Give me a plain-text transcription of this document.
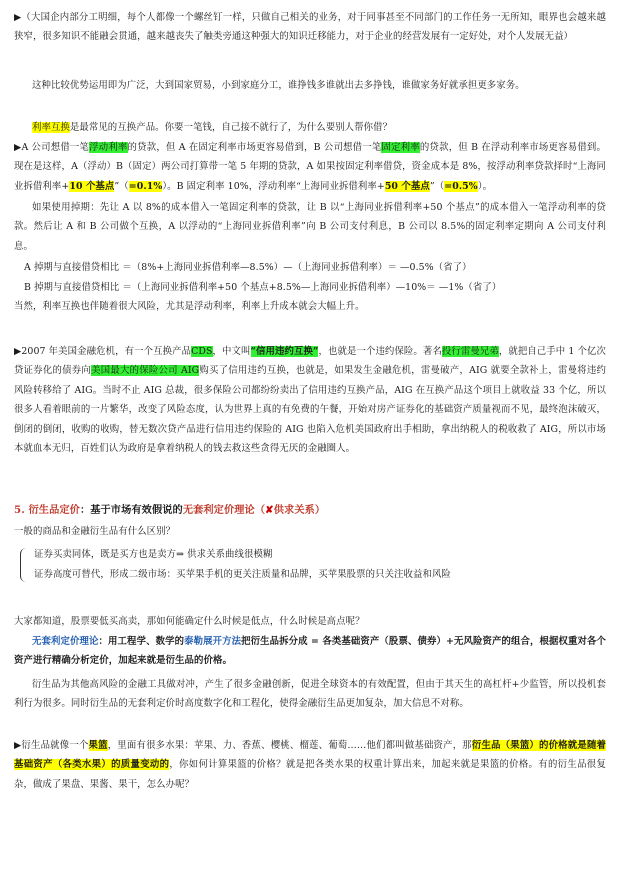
▶（大国企内部分工明细，每个人都像一个螺丝钉一样，只做自己相关的业务，对于同事甚至不同部门的工作任务一无所知，眼界也会越来越狭窄，很多知识不能融会贯通，越来越丧失了触类旁通这种强大的知识迁移能力，对于企业的经营发展有一定好处，对个人发展无益）
这种比较优势运用即为广泛，大到国家贸易，小到家庭分工，谁挣钱多谁就出去多挣钱，谁做家务好就承担更多家务。
利率互换是最常见的互换产品。你要一笔钱，自己接不就行了，为什么要别人帮你借？
▶A 公司想借一笔浮动利率的贷款，但 A 在固定利率市场更容易借到，B 公司想借一笔固定利率的贷款，但 B 在浮动利率市场更容易借到。现在是这样，A（浮动）B（固定）两公司打算带一笔 5 年期的贷款，A 如果按固定利率借贷，资金成本是 8%，按浮动利率贷款择时“上海同业拆借利率+10 个基点”（=0.1%）。B 固定利率 10%，浮动利率“上海同业拆借利率+50 个基点”（=0.5%）。
如果使用掉期：先让 A 以 8%的成本借入一笔固定利率的贷款，让 B 以“上海同业拆借利率+50 个基点”的成本借入一笔浮动利率的贷款。然后让 A 和 B 公司做个互换，A 以浮动的“上海同业拆借利率”向 B 公司支付利息，B 公司以 8.5%的固定利率定期向 A 公司支付利息。
A 掉期与直接借贷相比 ＝（8%+上海同业拆借利率—8.5%）—（上海同业拆借利率）＝ —0.5%（省了）
B 掉期与直接借贷相比 ＝（上海同业拆借利率+50 个基点+8.5%—上海同业拆借利率）—10%＝ —1%（省了）
当然，利率互换也伴随着很大风险，尤其是浮动利率，利率上升成本就会大幅上升。
▶2007 年美国金融危机，有一个互换产品CDS，中文叫“信用违约互换”，也就是一个违约保险。著名投行雷曼兄弟，就把自己手中 1 个亿次贷证券化的债券向美国最大的保险公司 AIG购买了信用违约互换，也就是，如果发生金融危机，雷曼破产，AIG 就要全款补上，雷曼将违约风险转移给了 AIG。当时不止 AIG 总裁，很多保险公司都纷纷卖出了信用违约互换产品，AIG 在互换产品这个项目上就收益 33 个亿，所以很多人看着眼前的一片繁华，改变了风险态度，认为世界上真的有免费的午餐，开始对房产证券化的基础资产质量视而不见，最终泡沫破灭，倒闭的倒闭，收购的收购，替无数次贷产品进行信用违约保险的 AIG 也陷入危机美国政府出手相助，拿出纳税人的税收救了 AIG，所以市场本就血本无归，百姓们认为政府是拿着纳税人的钱去救这些贪得无厌的金融圈人。
5. 衍生品定价：基于市场有效假说的无套利定价理论（✘供求关系）
一般的商品和金融衍生品有什么区别？
证券买卖同体，既是买方也是卖方⇒ 供求关系曲线很模糊
证券高度可替代，形成二级市场：买苹果手机的更关注质量和品牌，买苹果股票的只关注收益和风险
大家都知道，股票要低买高卖，那如何能确定什么时候是低点，什么时候是高点呢？
无套利定价理论：用工程学、数学的泰勒展开方法把衍生品拆分成 = 各类基础资产（股票、债券）+无风险资产的组合，根据权重对各个资产进行精确分析定价，加起来就是衍生品的价格。
衍生品为其他高风险的金融工具做对冲，产生了很多金融创新，促进全球资本的有效配置，但由于其天生的高杠杆+少监管，所以投机套利行为很多。同时衍生品的无套利定价时高度数字化和工程化，使得金融衍生品更加复杂，加大信息不对称。
▶衍生品就像一个果篮，里面有很多水果：苹果、力、香蕉、樱桃、榴莲、葡萄……他们都叫做基础资产，那衍生品（果篮）的价格就是随着基础资产（各类水果）的质量变动的，你如何计算果篮的价格？就是把各类水果的权重计算出来，加起来就是果篮的价格。有的衍生品很复杂，做成了果盘、果酱、果干，怎么办呢？
